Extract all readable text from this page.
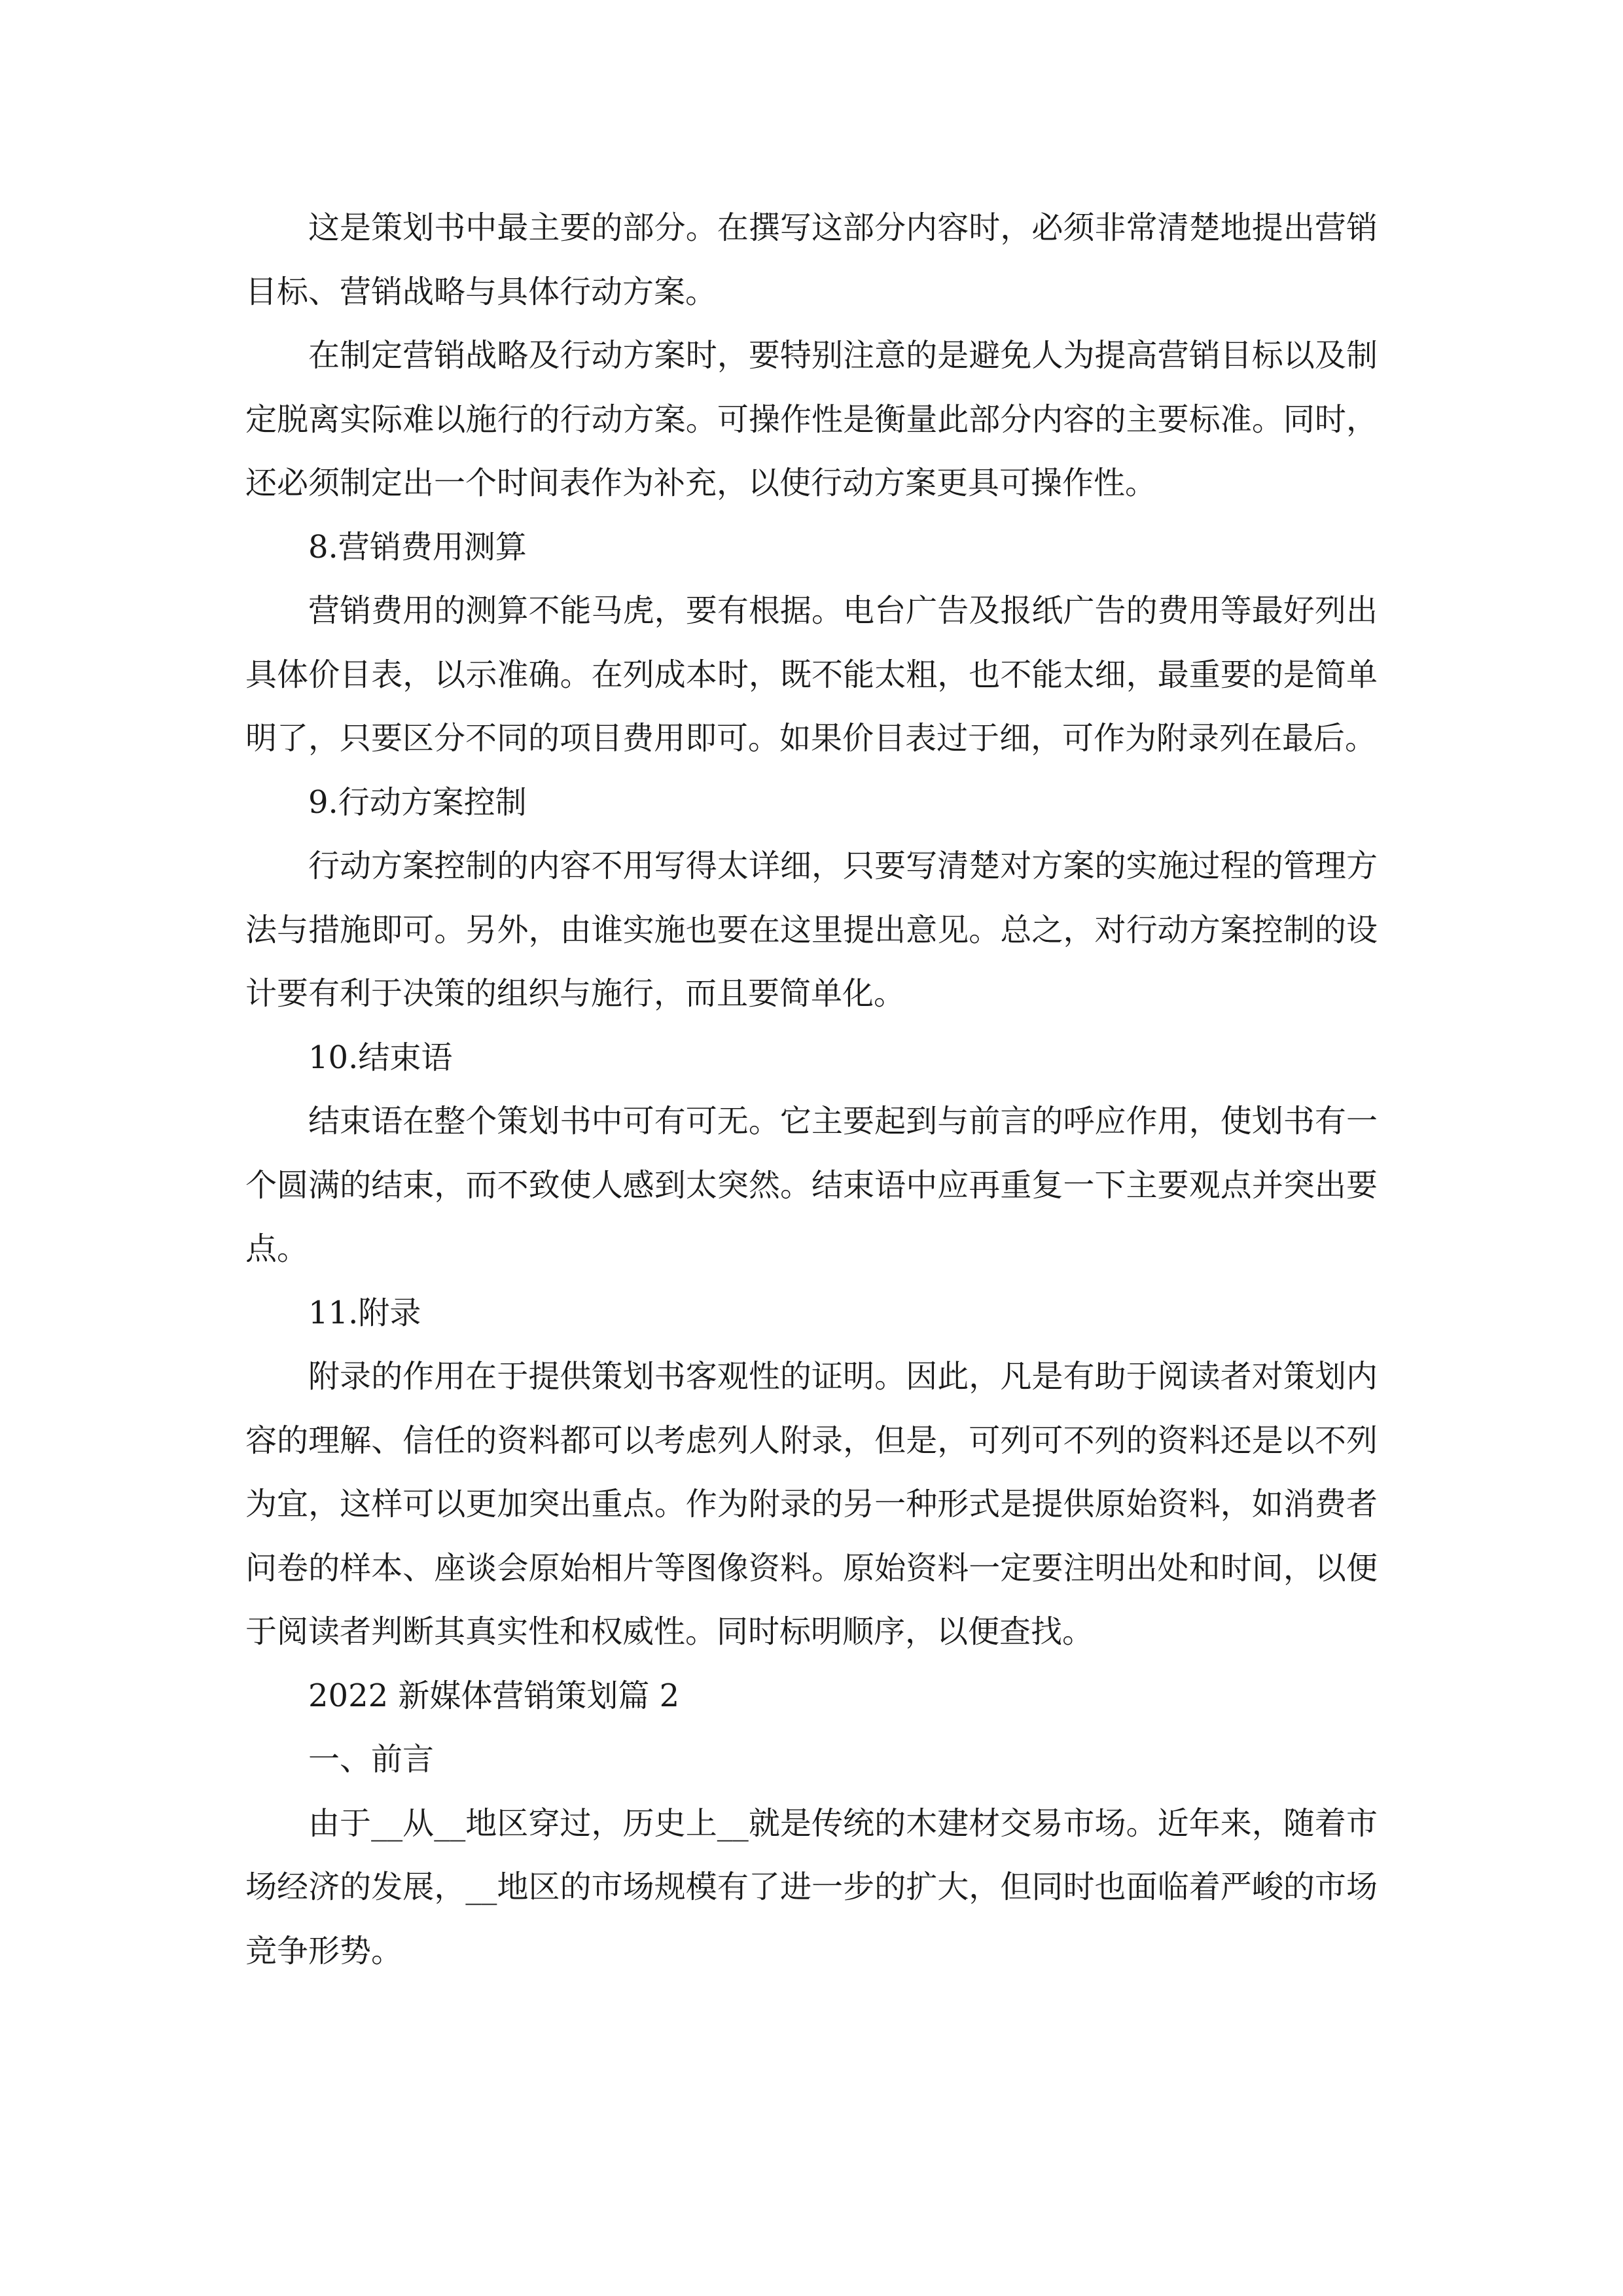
这是策划书中最主要的部分。在撰写这部分内容时，必须非常清楚地提出营销目标、营销战略与具体行动方案。

在制定营销战略及行动方案时，要特别注意的是避免人为提高营销目标以及制定脱离实际难以施行的行动方案。可操作性是衡量此部分内容的主要标准。同时，还必须制定出一个时间表作为补充，以使行动方案更具可操作性。

8.营销费用测算

营销费用的测算不能马虎，要有根据。电台广告及报纸广告的费用等最好列出具体价目表，以示准确。在列成本时，既不能太粗，也不能太细，最重要的是简单明了，只要区分不同的项目费用即可。如果价目表过于细，可作为附录列在最后。

9.行动方案控制

行动方案控制的内容不用写得太详细，只要写清楚对方案的实施过程的管理方法与措施即可。另外，由谁实施也要在这里提出意见。总之，对行动方案控制的设计要有利于决策的组织与施行，而且要简单化。

10.结束语

结束语在整个策划书中可有可无。它主要起到与前言的呼应作用，使划书有一个圆满的结束，而不致使人感到太突然。结束语中应再重复一下主要观点并突出要点。

11.附录

附录的作用在于提供策划书客观性的证明。因此，凡是有助于阅读者对策划内容的理解、信任的资料都可以考虑列人附录，但是，可列可不列的资料还是以不列为宜，这样可以更加突出重点。作为附录的另一种形式是提供原始资料，如消费者问卷的样本、座谈会原始相片等图像资料。原始资料一定要注明出处和时间，以便于阅读者判断其真实性和权威性。同时标明顺序，以便查找。

2022 新媒体营销策划篇 2

一、前言

由于__从__地区穿过，历史上__就是传统的木建材交易市场。近年来，随着市场经济的发展，__地区的市场规模有了进一步的扩大，但同时也面临着严峻的市场竞争形势。
